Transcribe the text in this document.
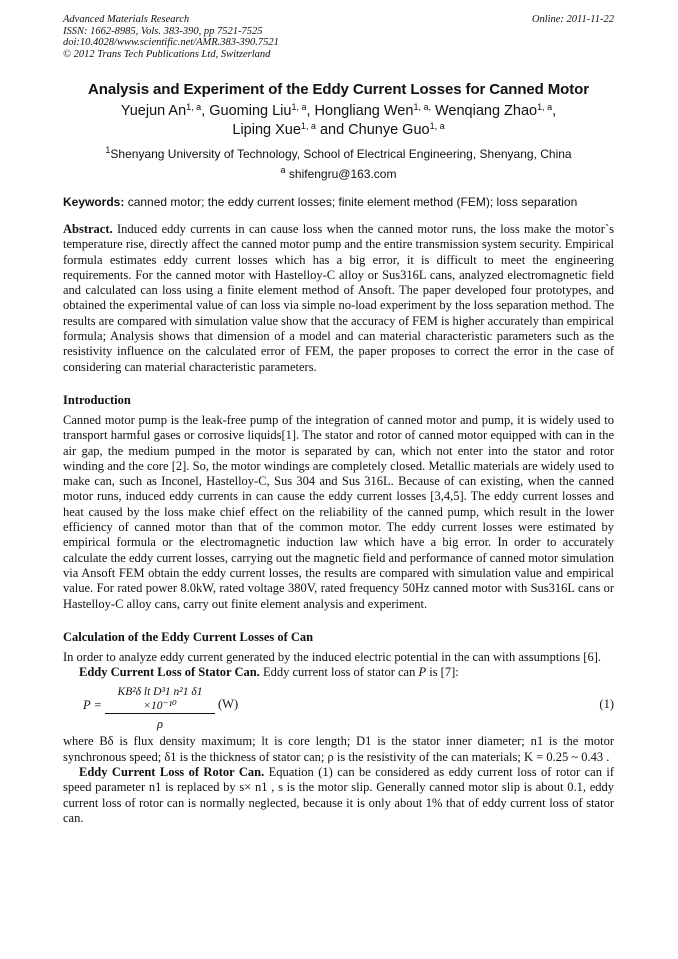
Advanced Materials Research
ISSN: 1662-8985, Vols. 383-390, pp 7521-7525
doi:10.4028/www.scientific.net/AMR.383-390.7521
© 2012 Trans Tech Publications Ltd, Switzerland
Online: 2011-11-22
Analysis and Experiment of the Eddy Current Losses for Canned Motor
Yuejun An$^{1, a}$, Guoming Liu$^{1, a}$, Hongliang Wen$^{1, a,}$ Wenqiang Zhao$^{1, a}$,
Liping Xue$^{1, a}$ and Chunye Guo$^{1, a}$
$^1$Shenyang University of Technology, School of Electrical Engineering, Shenyang, China
$^a$ shifengru@163.com
Keywords: canned motor; the eddy current losses; finite element method (FEM); loss separation

Abstract. Induced eddy currents in can cause loss when the canned motor runs, the loss make the motor`s temperature rise, directly affect the canned motor pump and the entire transmission system security. Empirical formula estimates eddy current losses which has a big error, it is difficult to meet the engineering requirements. For the canned motor with Hastelloy-C alloy or Sus316L cans, analyzed electromagnetic field and calculated can loss using a finite element method of Ansoft. The paper developed four prototypes, and obtained the experimental value of can loss via simple no-load experiment by the loss separation method. The results are compared with simulation value show that the accuracy of FEM is higher accurately than empirical formula; Analysis shows that dimension of a model and can material characteristic parameters such as the resistivity influence on the calculated error of FEM, the paper proposes to correct the error in the case of considering can material characteristic parameters.

Introduction

Canned motor pump is the leak-free pump of the integration of canned motor and pump, it is widely used to transport harmful gases or corrosive liquids[1]. The stator and rotor of canned motor equipped with can in the air gap, the medium pumped in the motor is separated by can, which not enter into the stator and rotor winding and the core [2]. So, the motor windings are completely closed. Metallic materials are widely used to make can, such as Inconel, Hastelloy-C, Sus 304 and Sus 316L. Because of can existing, when the canned motor runs, induced eddy currents in can cause the eddy current losses [3,4,5]. The eddy current losses and heat caused by the loss make chief effect on the reliability of the canned pump, which result in the lower efficiency of canned motor than that of the common motor. The eddy current losses were estimated by empirical formula or the electromagnetic induction law which have a big error. In order to accurately calculate the eddy current losses, carrying out the magnetic field and performance of canned motor simulation via Ansoft FEM obtain the eddy current losses, the results are compared with simulation value and empirical value. For rated power 8.0kW, rated voltage 380V, rated frequency 50Hz canned motor with Sus316L cans or Hastelloy-C alloy cans, carry out finite element analysis and experiment.

Calculation of the Eddy Current Losses of Can

In order to analyze eddy current generated by the induced electric potential in the can with assumptions [6].

Eddy Current Loss of Stator Can. Eddy current loss of stator can P is [7]:

$P = \frac{\text{KB²δ lt D³1 n²1 δ1 ×10⁻¹⁰}}{\rho} (W)$	(1)

where Bδ is flux density maximum; lt is core length; D1 is the stator inner diameter; n1 is the motor synchronous speed; δ1 is the thickness of stator can; ρ is the resistivity of the can materials; K = 0.25 ~ 0.43 .

Eddy Current Loss of Rotor Can. Equation (1) can be considered as eddy current loss of rotor can if speed parameter n1 is replaced by s× n1 , s is the motor slip. Generally canned motor slip is about 0.1, eddy current loss of rotor can is normally neglected, because it is only about 1% that of eddy current loss of stator can.
